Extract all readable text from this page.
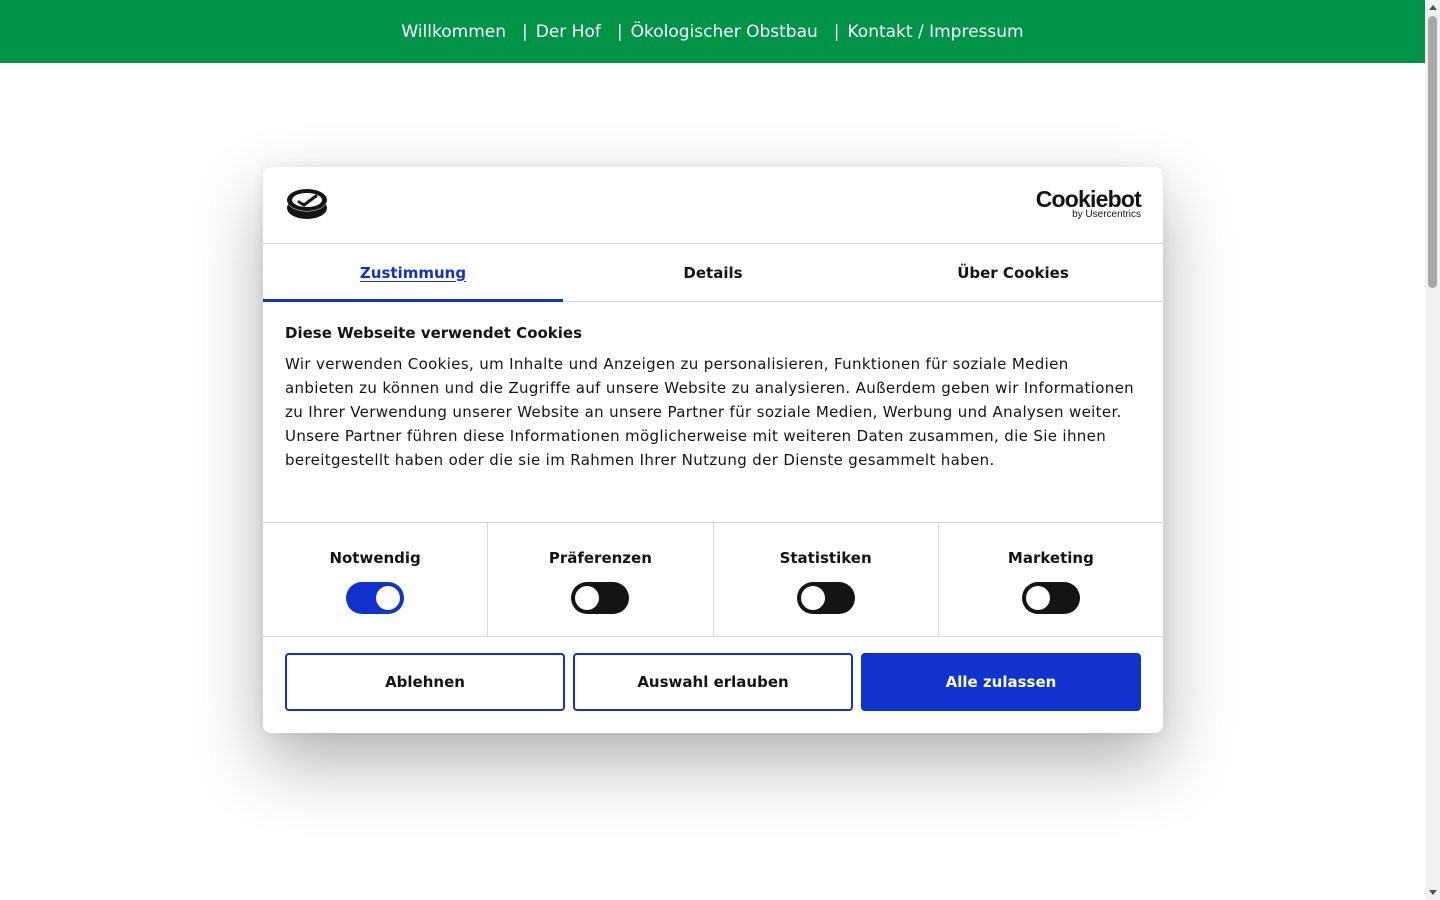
Willkommen | Der Hof | Ökologischer Obstbau | Kontakt / Impressum
Cookiebot
by Usercentrics
Zustimmung	Details	Über Cookies
Diese Webseite verwendet Cookies

Wir verwenden Cookies, um Inhalte und Anzeigen zu personalisieren, Funktionen für soziale Medien anbieten zu können und die Zugriffe auf unsere Website zu analysieren. Außerdem geben wir Informationen zu Ihrer Verwendung unserer Website an unsere Partner für soziale Medien, Werbung und Analysen weiter. Unsere Partner führen diese Informationen möglicherweise mit weiteren Daten zusammen, die Sie ihnen bereitgestellt haben oder die sie im Rahmen Ihrer Nutzung der Dienste gesammelt haben.

Notwendig	Präferenzen	Statistiken	Marketing
Ablehnen	Auswahl erlauben	Alle zulassen
